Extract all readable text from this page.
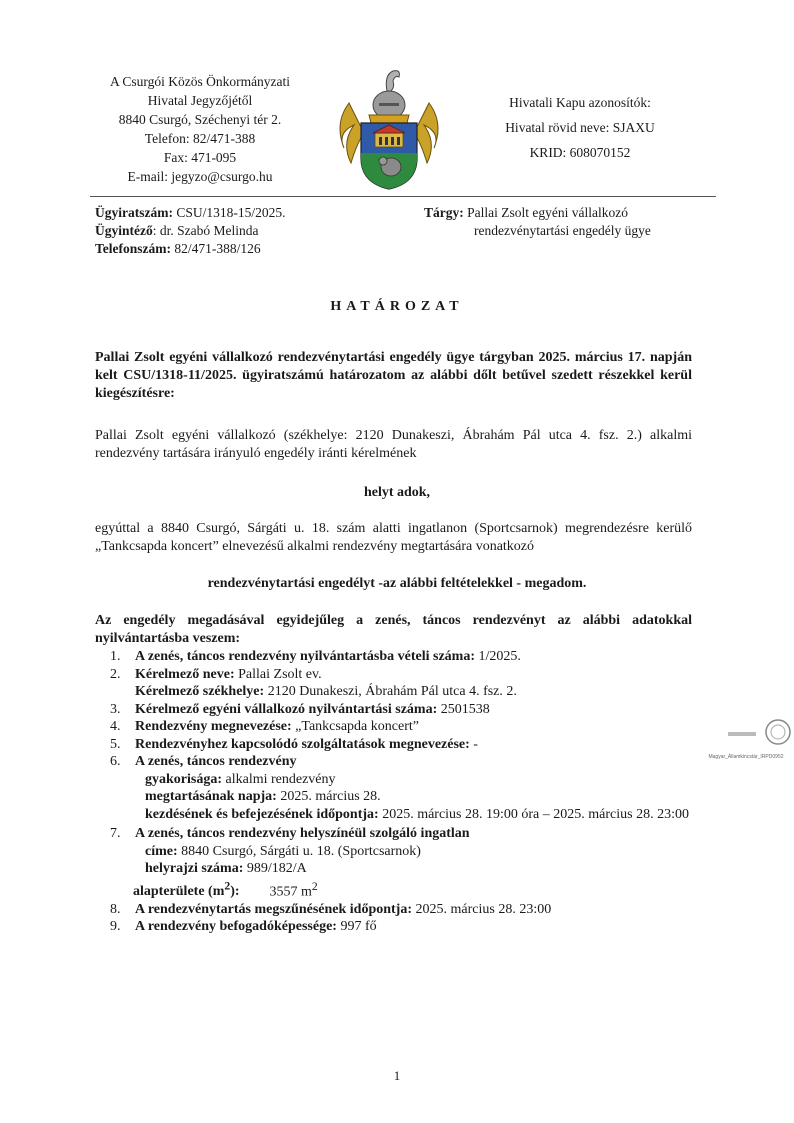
A Csurgói Közös Önkormányzati
Hivatal Jegyzőjétől
8840 Csurgó, Széchenyi tér 2.
Telefon: 82/471-388
Fax: 471-095
E-mail: jegyzo@csurgo.hu
Hivatali Kapu azonosítók:
Hivatal rövid neve: SJAXU
KRID: 608070152
Ügyiratszám: CSU/1318-15/2025.
Ügyintéző: dr. Szabó Melinda
Telefonszám: 82/471-388/126
Tárgy: Pallai Zsolt egyéni vállalkozó
rendezvénytartási engedély ügye
HATÁROZAT
Pallai Zsolt egyéni vállalkozó rendezvénytartási engedély ügye tárgyban 2025. március 17. napján kelt CSU/1318-11/2025. ügyiratszámú határozatom az alábbi dőlt betűvel szedett részekkel kerül kiegészítésre:
Pallai Zsolt egyéni vállalkozó (székhelye: 2120 Dunakeszi, Ábrahám Pál utca 4. fsz. 2.) alkalmi rendezvény tartására irányuló engedély iránti kérelmének
helyt adok,
egyúttal a 8840 Csurgó, Sárgáti u. 18. szám alatti ingatlanon (Sportcsarnok) megrendezésre kerülő „Tankcsapda koncert” elnevezésű alkalmi rendezvény megtartására vonatkozó
rendezvénytartási engedélyt -az alábbi feltételekkel - megadom.
Az engedély megadásával egyidejűleg a zenés, táncos rendezvényt az alábbi adatokkal nyilvántartásba veszem:
1. A zenés, táncos rendezvény nyilvántartásba vételi száma: 1/2025.
2. Kérelmező neve: Pallai Zsolt ev.
Kérelmező székhelye: 2120 Dunakeszi, Ábrahám Pál utca 4. fsz. 2.
3. Kérelmező egyéni vállalkozó nyilvántartási száma: 2501538
4. Rendezvény megnevezése: „Tankcsapda koncert”
5. Rendezvényhez kapcsolódó szolgáltatások megnevezése: -
6. A zenés, táncos rendezvény
gyakorisága: alkalmi rendezvény
megtartásának napja: 2025. március 28.
kezdésének és befejezésének időpontja: 2025. március 28. 19:00 óra – 2025. március 28. 23:00
7. A zenés, táncos rendezvény helyszínéül szolgáló ingatlan
címe: 8840 Csurgó, Sárgáti u. 18. (Sportcsarnok)
helyrajzi száma: 989/182/A
alapterülete $(m^2)$: 3557 $m^2$
8. A rendezvénytartás megszűnésének időpontja: 2025. március 28. 23:00
9. A rendezvény befogadóképessége: 997 fő
Magyar_Államkincstár_IRPD0952
1
